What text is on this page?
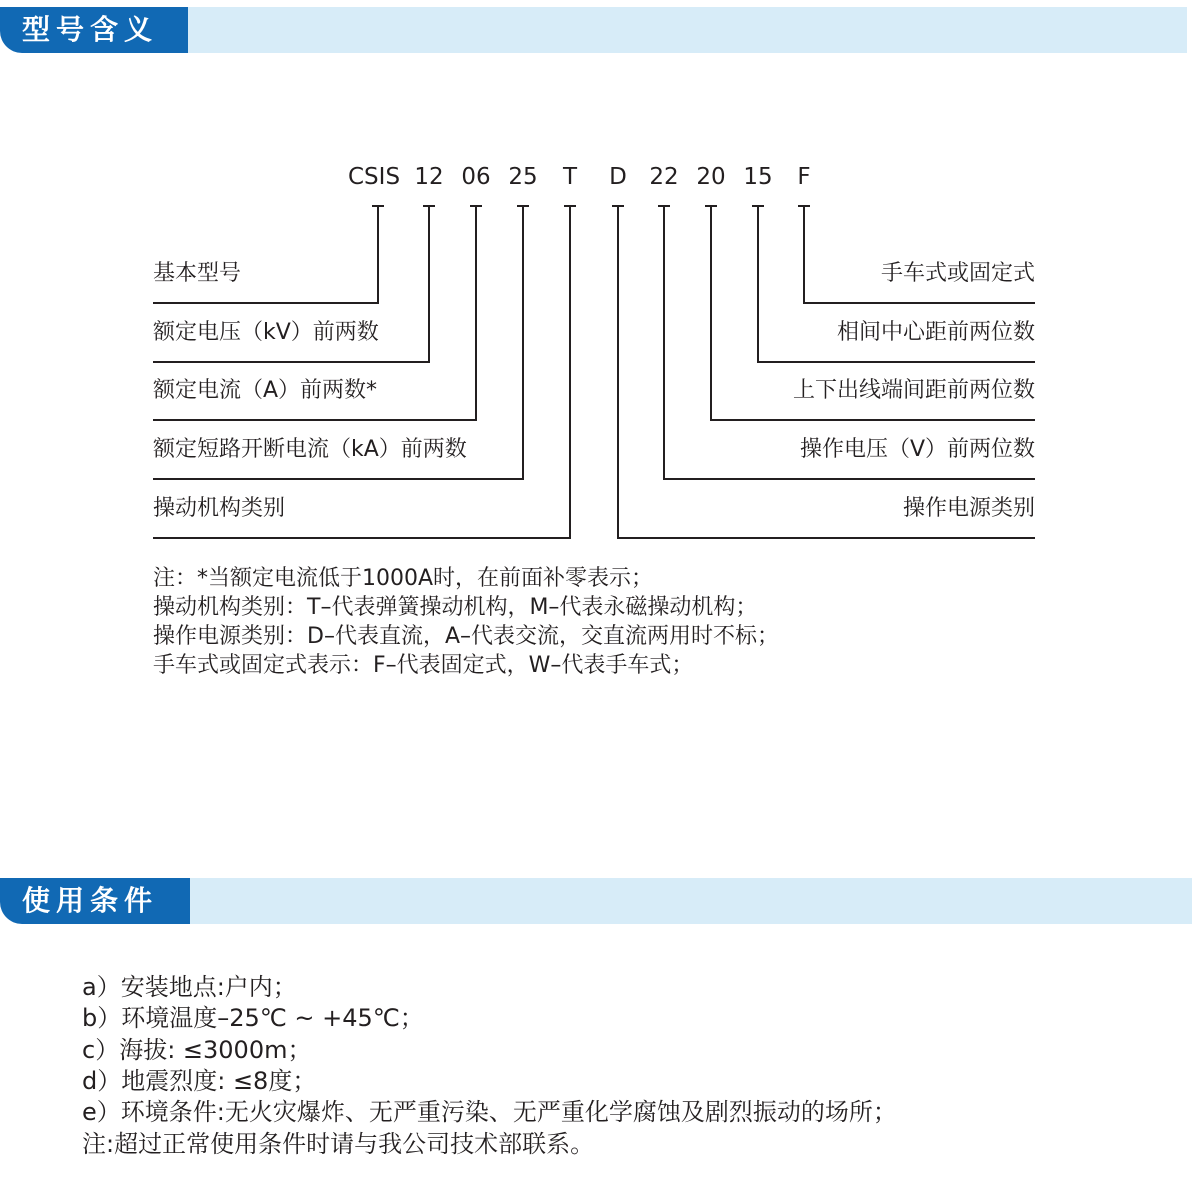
型号含义
CSIS 12 06 25 T D 22 20 15 F
基本型号
额定电压（kV）前两数
额定电流（A）前两数*
额定短路开断电流（kA）前两数
操动机构类别
手车式或固定式
相间中心距前两位数
上下出线端间距前两位数
操作电压（V）前两位数
操作电源类别
注：*当额定电流低于1000A时，在前面补零表示；
操动机构类别：T–代表弹簧操动机构，M–代表永磁操动机构；
操作电源类别：D–代表直流，A–代表交流，交直流两用时不标；
手车式或固定式表示：F–代表固定式，W–代表手车式；
使用条件
a）安装地点:户内；
b）环境温度–25℃ ~ +45℃；
c）海拔: ≤3000m；
d）地震烈度: ≤8度；
e）环境条件:无火灾爆炸、无严重污染、无严重化学腐蚀及剧烈振动的场所；
注:超过正常使用条件时请与我公司技术部联系。
